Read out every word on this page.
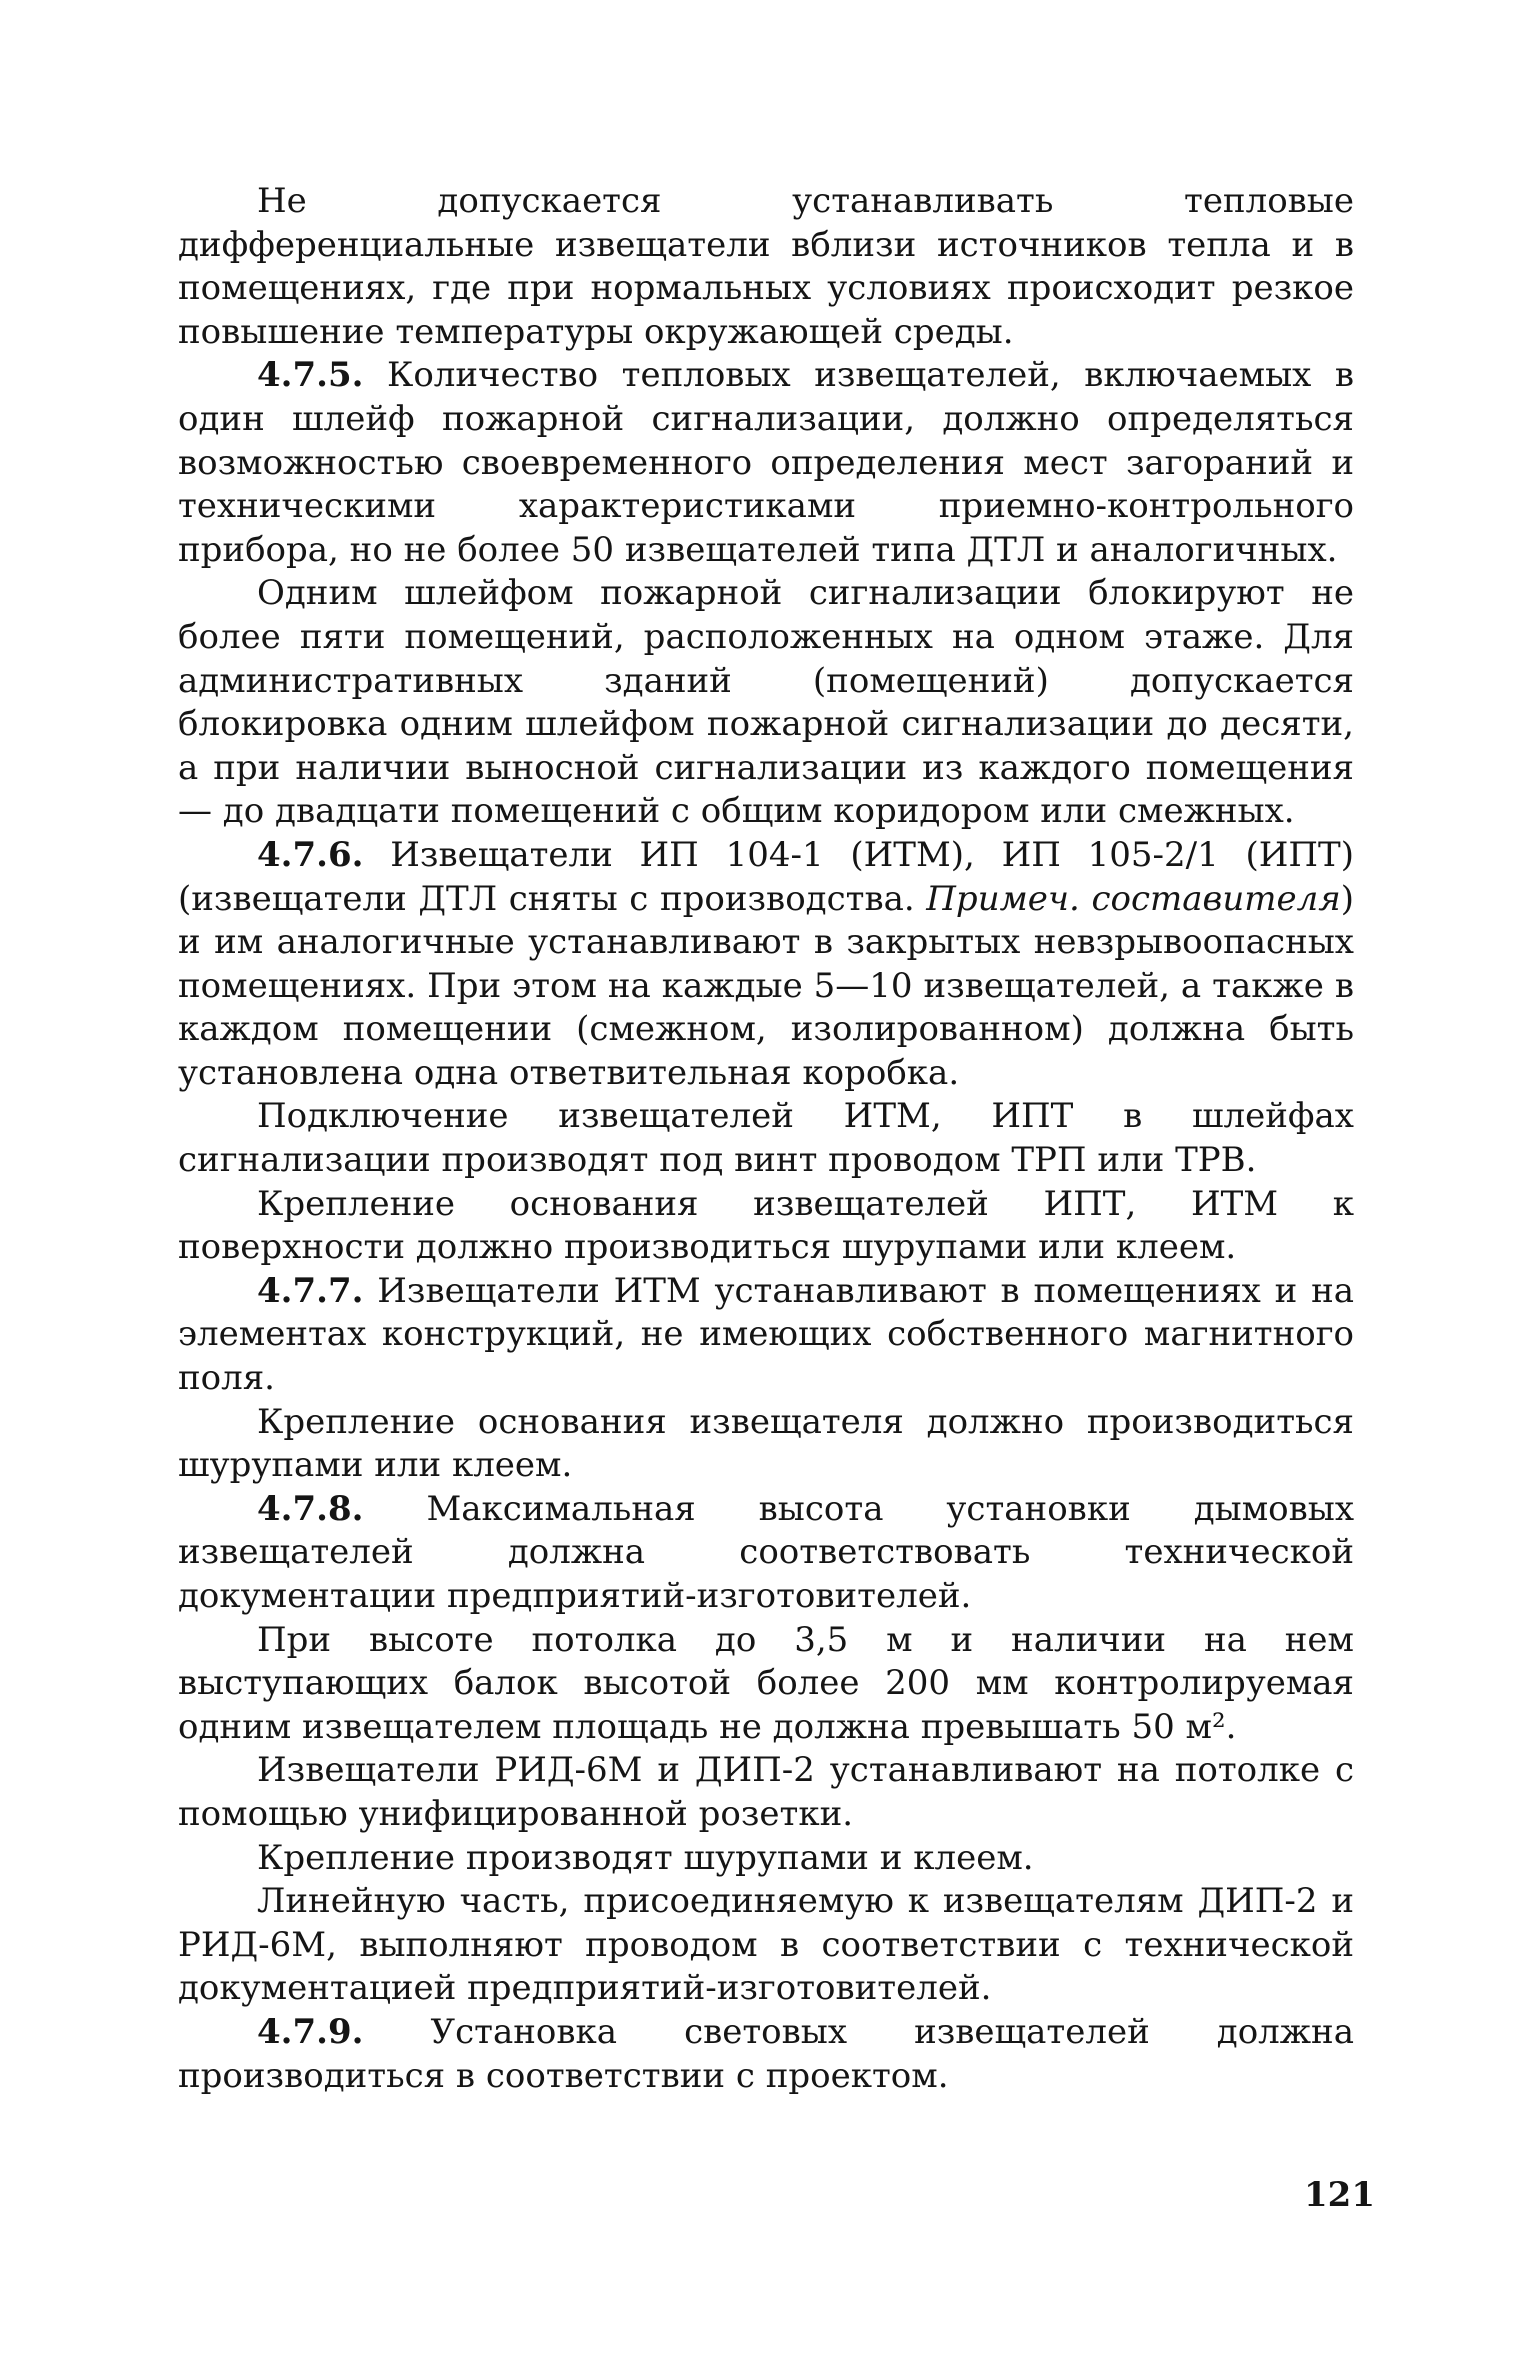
Не допускается устанавливать тепловые дифференциальные извещатели вблизи источников тепла и в помещениях, где при нормальных условиях происходит резкое повышение температуры окружающей среды.

4.7.5. Количество тепловых извещателей, включаемых в один шлейф пожарной сигнализации, должно определяться возможностью своевременного определения мест загораний и техническими характеристиками приемно-контрольного прибора, но не более 50 извещателей типа ДТЛ и аналогичных.

Одним шлейфом пожарной сигнализации блокируют не более пяти помещений, расположенных на одном этаже. Для административных зданий (помещений) допускается блокировка одним шлейфом пожарной сигнализации до десяти, а при наличии выносной сигнализации из каждого помещения — до двадцати помещений с общим коридором или смежных.

4.7.6. Извещатели ИП 104-1 (ИТМ), ИП 105-2/1 (ИПТ) (извещатели ДТЛ сняты с производства. Примеч. составителя) и им аналогичные устанавливают в закрытых невзрывоопасных помещениях. При этом на каждые 5—10 извещателей, а также в каждом помещении (смежном, изолированном) должна быть установлена одна ответвительная коробка.

Подключение извещателей ИТМ, ИПТ в шлейфах сигнализации производят под винт проводом ТРП или ТРВ.

Крепление основания извещателей ИПТ, ИТМ к поверхности должно производиться шурупами или клеем.

4.7.7. Извещатели ИТМ устанавливают в помещениях и на элементах конструкций, не имеющих собственного магнитного поля.

Крепление основания извещателя должно производиться шурупами или клеем.

4.7.8. Максимальная высота установки дымовых извещателей должна соответствовать технической документации предприятий-изготовителей.

При высоте потолка до 3,5 м и наличии на нем выступающих балок высотой более 200 мм контролируемая одним извещателем площадь не должна превышать 50 м².

Извещатели РИД-6М и ДИП-2 устанавливают на потолке с помощью унифицированной розетки.

Крепление производят шурупами и клеем.

Линейную часть, присоединяемую к извещателям ДИП-2 и РИД-6М, выполняют проводом в соответствии с технической документацией предприятий-изготовителей.

4.7.9. Установка световых извещателей должна производиться в соответствии с проектом.

121
